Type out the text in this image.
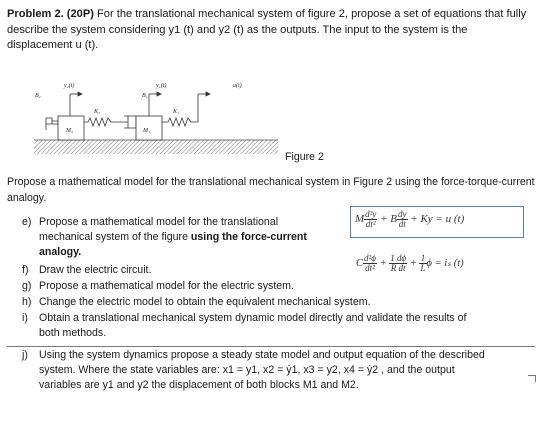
Problem 2. (20P) For the translational mechanical system of figure 2, propose a set of equations that fully describe the system considering y1 (t) and y2 (t) as the outputs. The input to the system is the displacement u (t).
B₂
y₂(t)
K₂
M₂
B₁
y₁(t)
K₁
M₁
u(t)
Figure 2
Propose a mathematical model for the translational mechanical system in Figure 2 using the force-torque-current analogy.
e) Propose a mathematical model for the translational
mechanical system of the figure using the force-current
analogy.
f) Draw the electric circuit.
g) Propose a mathematical model for the electric system.
h) Change the electric model to obtain the equivalent mechanical system.
i) Obtain a translational mechanical system dynamic model directly and validate the results of
both methods.
j) Using the system dynamics propose a steady state model and output equation of the described
system. Where the state variables are: x1 = y1, x2 = ẏ1, x3 = y2, x4 = ẏ2 , and the output
variables are y1 and y2 the displacement of both blocks M1 and M2.
M $\frac{\text{d²y}}{\text{dt²}} + B \frac{dy}{dt} + Ky = u$ (t)
C $\frac{\text{d²ϕ}}{\text{dt²}} + \frac{1 d\phi}{\text{R dt}} + \frac{1}{L}$ ϕ = iₛ (t)
